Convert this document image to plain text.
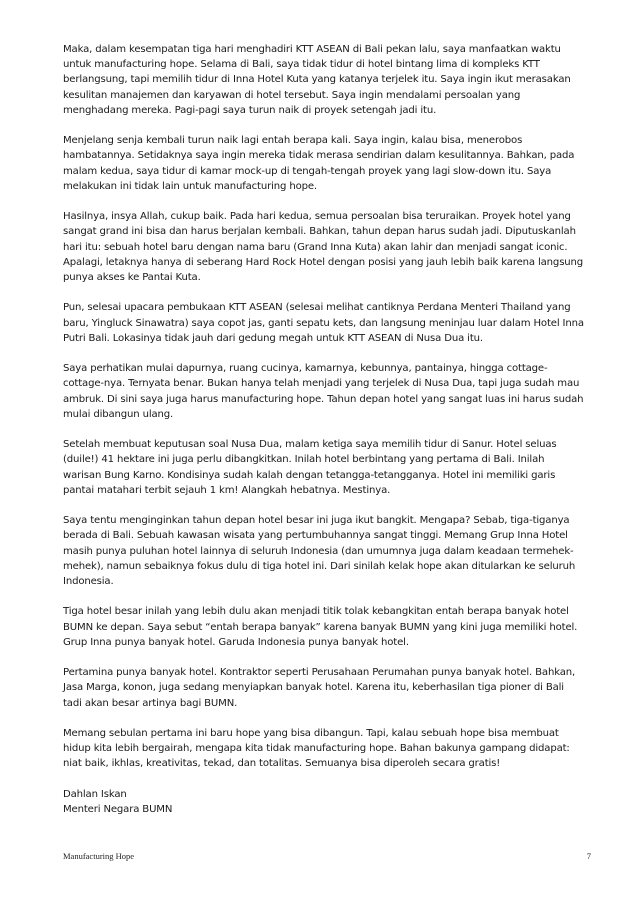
Maka, dalam kesempatan tiga hari menghadiri KTT ASEAN di Bali pekan lalu, saya manfaatkan waktu untuk manufacturing hope. Selama di Bali, saya tidak tidur di hotel bintang lima di kompleks KTT berlangsung, tapi memilih tidur di Inna Hotel Kuta yang katanya terjelek itu. Saya ingin ikut merasakan kesulitan manajemen dan karyawan di hotel tersebut. Saya ingin mendalami persoalan yang menghadang mereka. Pagi-pagi saya turun naik di proyek setengah jadi itu.

Menjelang senja kembali turun naik lagi entah berapa kali. Saya ingin, kalau bisa, menerobos hambatannya. Setidaknya saya ingin mereka tidak merasa sendirian dalam kesulitannya. Bahkan, pada malam kedua, saya tidur di kamar mock-up di tengah-tengah proyek yang lagi slow-down itu. Saya melakukan ini tidak lain untuk manufacturing hope.

Hasilnya, insya Allah, cukup baik. Pada hari kedua, semua persoalan bisa teruraikan. Proyek hotel yang sangat grand ini bisa dan harus berjalan kembali. Bahkan, tahun depan harus sudah jadi. Diputuskanlah hari itu: sebuah hotel baru dengan nama baru (Grand Inna Kuta) akan lahir dan menjadi sangat iconic. Apalagi, letaknya hanya di seberang Hard Rock Hotel dengan posisi yang jauh lebih baik karena langsung punya akses ke Pantai Kuta.

Pun, selesai upacara pembukaan KTT ASEAN (selesai melihat cantiknya Perdana Menteri Thailand yang baru, Yingluck Sinawatra) saya copot jas, ganti sepatu kets, dan langsung meninjau luar dalam Hotel Inna Putri Bali. Lokasinya tidak jauh dari gedung megah untuk KTT ASEAN di Nusa Dua itu.

Saya perhatikan mulai dapurnya, ruang cucinya, kamarnya, kebunnya, pantainya, hingga cottage-cottage-nya. Ternyata benar. Bukan hanya telah menjadi yang terjelek di Nusa Dua, tapi juga sudah mau ambruk. Di sini saya juga harus manufacturing hope. Tahun depan hotel yang sangat luas ini harus sudah mulai dibangun ulang.

Setelah membuat keputusan soal Nusa Dua, malam ketiga saya memilih tidur di Sanur. Hotel seluas (duile!) 41 hektare ini juga perlu dibangkitkan. Inilah hotel berbintang yang pertama di Bali. Inilah warisan Bung Karno. Kondisinya sudah kalah dengan tetangga-tetangganya. Hotel ini memiliki garis pantai matahari terbit sejauh 1 km! Alangkah hebatnya. Mestinya.

Saya tentu menginginkan tahun depan hotel besar ini juga ikut bangkit. Mengapa? Sebab, tiga-tiganya berada di Bali. Sebuah kawasan wisata yang pertumbuhannya sangat tinggi. Memang Grup Inna Hotel masih punya puluhan hotel lainnya di seluruh Indonesia (dan umumnya juga dalam keadaan termehek-mehek), namun sebaiknya fokus dulu di tiga hotel ini. Dari sinilah kelak hope akan ditularkan ke seluruh Indonesia.

Tiga hotel besar inilah yang lebih dulu akan menjadi titik tolak kebangkitan entah berapa banyak hotel BUMN ke depan. Saya sebut “entah berapa banyak” karena banyak BUMN yang kini juga memiliki hotel. Grup Inna punya banyak hotel. Garuda Indonesia punya banyak hotel.

Pertamina punya banyak hotel. Kontraktor seperti Perusahaan Perumahan punya banyak hotel. Bahkan, Jasa Marga, konon, juga sedang menyiapkan banyak hotel. Karena itu, keberhasilan tiga pioner di Bali tadi akan besar artinya bagi BUMN.

Memang sebulan pertama ini baru hope yang bisa dibangun. Tapi, kalau sebuah hope bisa membuat hidup kita lebih bergairah, mengapa kita tidak manufacturing hope. Bahan bakunya gampang didapat: niat baik, ikhlas, kreativitas, tekad, dan totalitas. Semuanya bisa diperoleh secara gratis!

Dahlan Iskan
Menteri Negara BUMN
Manufacturing Hope	7
